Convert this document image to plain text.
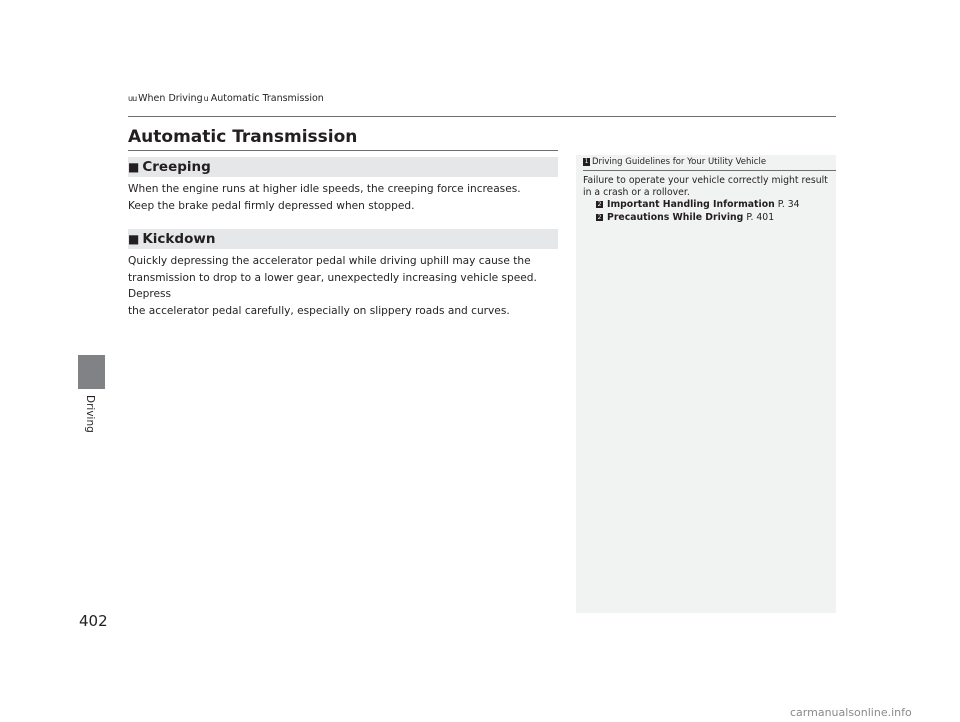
uu When Driving u Automatic Transmission
Driving
402
Automatic Transmission
■ Creeping

When the engine runs at higher idle speeds, the creeping force increases.

Keep the brake pedal firmly depressed when stopped.

■ Kickdown

Quickly depressing the accelerator pedal while driving uphill may cause the

transmission to drop to a lower gear, unexpectedly increasing vehicle speed. Depress

the accelerator pedal carefully, especially on slippery roads and curves.

1 Driving Guidelines for Your Utility Vehicle

Failure to operate your vehicle correctly might result

in a crash or a rollover.

2 Important Handling Information P. 34
2 Precautions While Driving P. 401
carmanualsonline.info
